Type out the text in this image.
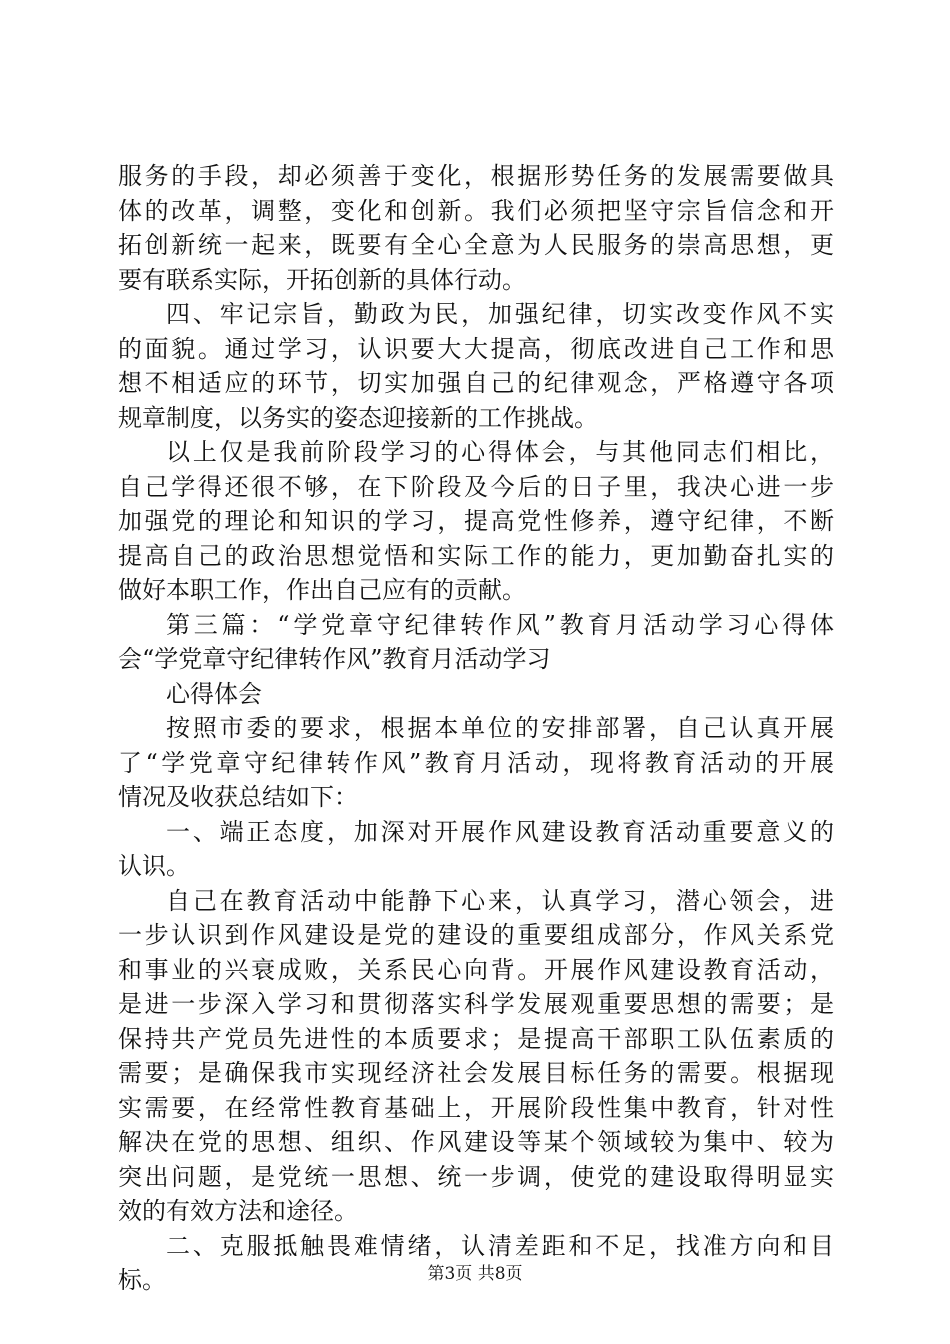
服务的手段，却必须善于变化，根据形势任务的发展需要做具
体的改革，调整，变化和创新。我们必须把坚守宗旨信念和开
拓创新统一起来，既要有全心全意为人民服务的崇高思想，更
要有联系实际，开拓创新的具体行动。
四、牢记宗旨，勤政为民，加强纪律，切实改变作风不实
的面貌。通过学习，认识要大大提高，彻底改进自己工作和思
想不相适应的环节，切实加强自己的纪律观念，严格遵守各项
规章制度，以务实的姿态迎接新的工作挑战。
以上仅是我前阶段学习的心得体会，与其他同志们相比，
自己学得还很不够，在下阶段及今后的日子里，我决心进一步
加强党的理论和知识的学习，提高党性修养，遵守纪律，不断
提高自己的政治思想觉悟和实际工作的能力，更加勤奋扎实的
做好本职工作，作出自己应有的贡献。
第三篇：“学党章守纪律转作风”教育月活动学习心得体
会“学党章守纪律转作风”教育月活动学习
心得体会
按照市委的要求，根据本单位的安排部署，自己认真开展
了“学党章守纪律转作风”教育月活动，现将教育活动的开展
情况及收获总结如下：
一、端正态度，加深对开展作风建设教育活动重要意义的
认识。
自己在教育活动中能静下心来，认真学习，潜心领会，进
一步认识到作风建设是党的建设的重要组成部分，作风关系党
和事业的兴衰成败，关系民心向背。开展作风建设教育活动，
是进一步深入学习和贯彻落实科学发展观重要思想的需要；是
保持共产党员先进性的本质要求；是提高干部职工队伍素质的
需要；是确保我市实现经济社会发展目标任务的需要。根据现
实需要，在经常性教育基础上，开展阶段性集中教育，针对性
解决在党的思想、组织、作风建设等某个领域较为集中、较为
突出问题，是党统一思想、统一步调，使党的建设取得明显实
效的有效方法和途径。
二、克服抵触畏难情绪，认清差距和不足，找准方向和目
标。	第3页 共8页
